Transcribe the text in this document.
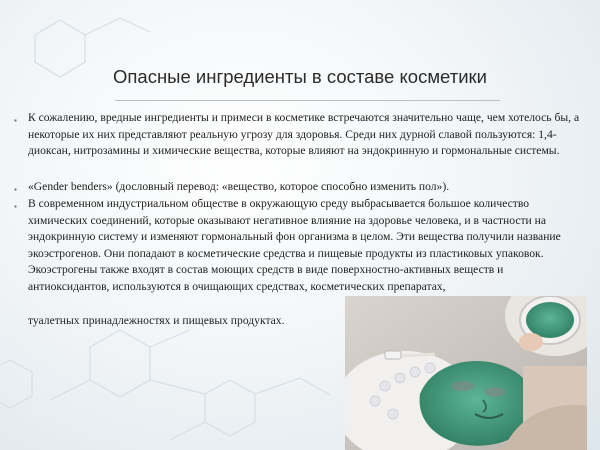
Опасные ингредиенты в составе косметики
▪ К сожалению, вредные ингредиенты и примеси в косметике встречаются значительно чаще, чем хотелось бы, а некоторые их них представляют реальную угрозу для здоровья. Среди них дурной славой пользуются: 1,4-диоксан, нитрозамины и химические вещества, которые влияют на эндокринную и гормональные системы.

▪ «Gender benders» (дословный перевод: «вещество, которое способно изменить пол»).

▪ В современном индустриальном обществе в окружающую среду выбрасывается большое количество химических соединений, которые оказывают негативное влияние на здоровье человека, и в частности на эндокринную систему и изменяют гормональный фон организма в целом. Эти вещества получили название экоэстрогенов. Они попадают в косметические средства и пищевые продукты из пластиковых упаковок. Экоэстрогены также входят в состав моющих средств в виде поверхностно-активных веществ и антиоксидантов, используются в очищающих средствах, косметических препаратах,

туалетных принадлежностях и пищевых продуктах.
